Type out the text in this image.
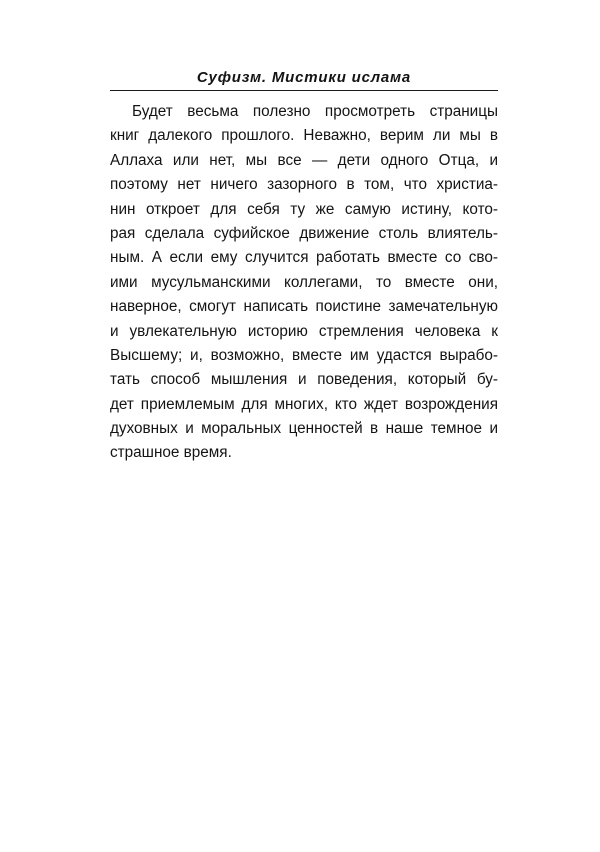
Суфизм. Мистики ислама
Будет весьма полезно просмотреть страницы
книг далекого прошлого. Неважно, верим ли мы в
Аллаха или нет, мы все — дети одного Отца, и
поэтому нет ничего зазорного в том, что христиа-
нин откроет для себя ту же самую истину, кото-
рая сделала суфийское движение столь влиятель-
ным. А если ему случится работать вместе со сво-
ими мусульманскими коллегами, то вместе они,
наверное, смогут написать поистине замечательную
и увлекательную историю стремления человека к
Высшему; и, возможно, вместе им удастся вырабо-
тать способ мышления и поведения, который бу-
дет приемлемым для многих, кто ждет возрождения
духовных и моральных ценностей в наше темное и
страшное время.
